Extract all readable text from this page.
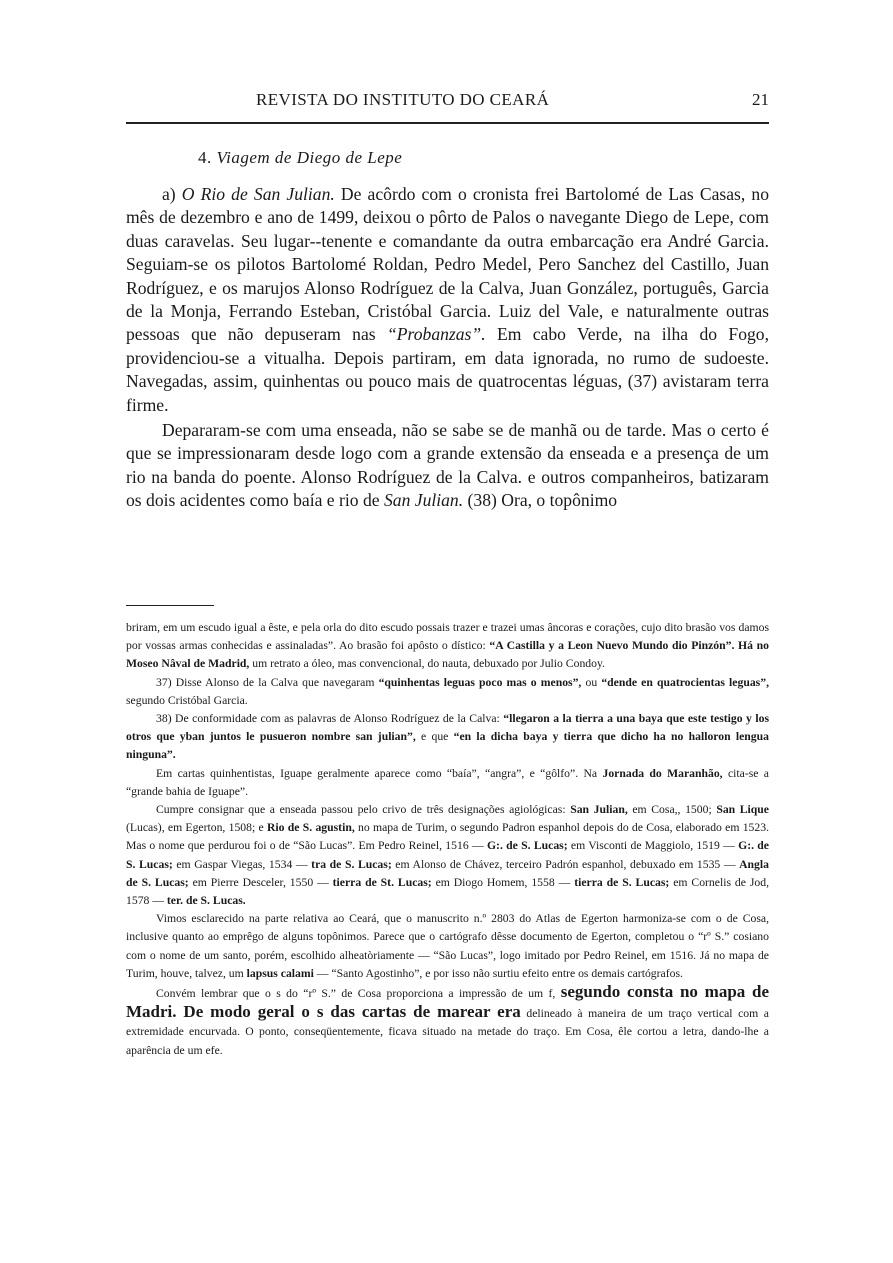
REVISTA DO INSTITUTO DO CEARÁ	21
4. Viagem de Diego de Lepe

a) O Rio de San Julian. De acôrdo com o cronista frei Bartolomé de Las Casas, no mês de dezembro e ano de 1499, deixou o pôrto de Palos o navegante Diego de Lepe, com duas caravelas. Seu lugar--tenente e comandante da outra embarcação era André Garcia. Seguiam-se os pilotos Bartolomé Roldan, Pedro Medel, Pero Sanchez del Castillo, Juan Rodríguez, e os marujos Alonso Rodríguez de la Calva, Juan González, português, Garcia de la Monja, Ferrando Esteban, Cristóbal Garcia. Luiz del Vale, e naturalmente outras pessoas que não depuseram nas “Probanzas”. Em cabo Verde, na ilha do Fogo, providenciou-se a vitualha. Depois partiram, em data ignorada, no rumo de sudoeste. Navegadas, assim, quinhentas ou pouco mais de quatrocentas léguas, (37) avistaram terra firme.

Depararam-se com uma enseada, não se sabe se de manhã ou de tarde. Mas o certo é que se impressionaram desde logo com a grande extensão da enseada e a presença de um rio na banda do poente. Alonso Rodríguez de la Calva. e outros companheiros, batizaram os dois acidentes como baía e rio de San Julian. (38) Ora, o topônimo

briram, em um escudo igual a êste, e pela orla do dito escudo possais trazer e trazei umas âncoras e corações, cujo dito brasão vos damos por vossas armas conhecidas e assinaladas”. Ao brasão foi apôsto o dístico: “A Castilla y a Leon Nuevo Mundo dio Pinzón”. Há no Moseo Nâval de Madrid, um retrato a óleo, mas convencional, do nauta, debuxado por Julio Condoy.

37) Disse Alonso de la Calva que navegaram “quinhentas leguas poco mas o menos”, ou “dende en quatrocientas leguas”, segundo Cristóbal Garcia.

38) De conformidade com as palavras de Alonso Rodríguez de la Calva: “llegaron a la tierra a una baya que este testigo y los otros que yban juntos le pusueron nombre san julian”, e que “en la dicha baya y tierra que dicho ha no halloron lengua ninguna”.

Em cartas quinhentistas, Iguape geralmente aparece como “baía”, “angra”, e “gôlfo”. Na Jornada do Maranhão, cita-se a “grande bahia de Iguape”.

Cumpre consignar que a enseada passou pelo crivo de três designações agiológicas: San Julian, em Cosa,, 1500; San Lique (Lucas), em Egerton, 1508; e Rio de S. agustin, no mapa de Turim, o segundo Padron espanhol depois do de Cosa, elaborado em 1523. Mas o nome que perdurou foi o de “São Lucas”. Em Pedro Reinel, 1516 — G:. de S. Lucas; em Visconti de Maggiolo, 1519 — G:. de S. Lucas; em Gaspar Viegas, 1534 — tra de S. Lucas; em Alonso de Chávez, terceiro Padrón espanhol, debuxado em 1535 — Angla de S. Lucas; em Pierre Desceler, 1550 — tierra de St. Lucas; em Diogo Homem, 1558 — tierra de S. Lucas; em Cornelis de Jod, 1578 — ter. de S. Lucas.

Vimos esclarecido na parte relativa ao Ceará, que o manuscrito n.º 2803 do Atlas de Egerton harmoniza-se com o de Cosa, inclusive quanto ao emprêgo de alguns topônimos. Parece que o cartógrafo dêsse documento de Egerton, completou o “rº S.” cosiano com o nome de um santo, porém, escolhido alheatòriamente — “São Lucas”, logo imitado por Pedro Reinel, em 1516. Já no mapa de Turim, houve, talvez, um lapsus calami — “Santo Agostinho”, e por isso não surtiu efeito entre os demais cartógrafos.

Convém lembrar que o s do “rº S.” de Cosa proporciona a impressão de um f, segundo consta no mapa de Madri. De modo geral o s das cartas de marear era delineado à maneira de um traço vertical com a extremidade encurvada. O ponto, conseqüentemente, ficava situado na metade do traço. Em Cosa, êle cortou a letra, dando-lhe a aparência de um efe.
